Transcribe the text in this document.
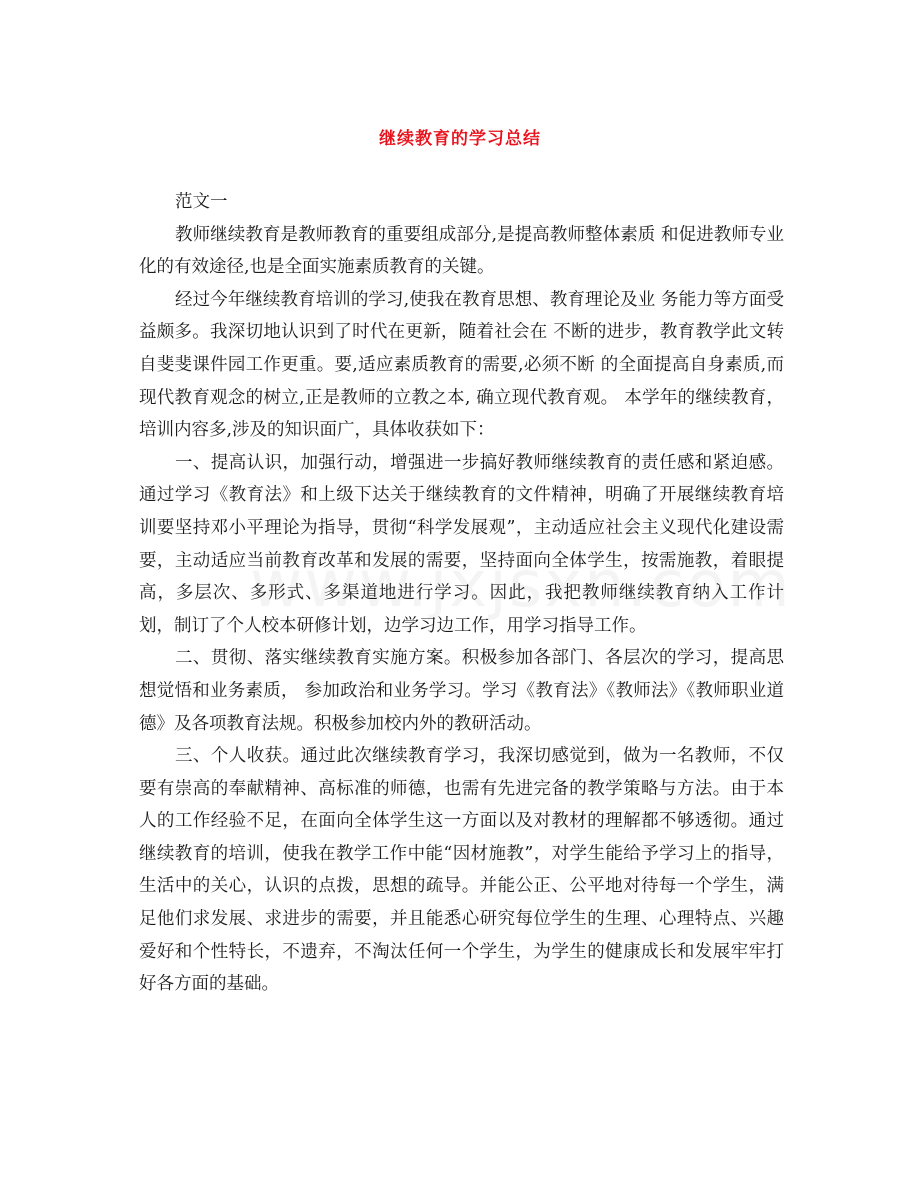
继续教育的学习总结

范文一

教师继续教育是教师教育的重要组成部分,是提高教师整体素质 和促进教师专业化的有效途径,也是全面实施素质教育的关键。

经过今年继续教育培训的学习,使我在教育思想、教育理论及业 务能力等方面受益颇多。我深切地认识到了时代在更新，随着社会在 不断的进步，教育教学此文转自斐斐课件园工作更重。要,适应素质教育的需要,必须不断 的全面提高自身素质,而现代教育观念的树立,正是教师的立教之本, 确立现代教育观。 本学年的继续教育，培训内容多,涉及的知识面广，具体收获如下：

一、提高认识，加强行动，增强进一步搞好教师继续教育的责任感和紧迫感。通过学习《教育法》和上级下达关于继续教育的文件精神，明确了开展继续教育培训要坚持邓小平理论为指导，贯彻“科学发展观”，主动适应社会主义现代化建设需要，主动适应当前教育改革和发展的需要，坚持面向全体学生，按需施教，着眼提高，多层次、多形式、多渠道地进行学习。因此，我把教师继续教育纳入工作计划，制订了个人校本研修计划，边学习边工作，用学习指导工作。

二、贯彻、落实继续教育实施方案。积极参加各部门、各层次的学习，提高思想觉悟和业务素质， 参加政治和业务学习。学习《教育法》《教师法》《教师职业道德》及各项教育法规。积极参加校内外的教研活动。

三、个人收获。通过此次继续教育学习，我深切感觉到，做为一名教师，不仅要有崇高的奉献精神、高标准的师德，也需有先进完备的教学策略与方法。由于本人的工作经验不足，在面向全体学生这一方面以及对教材的理解都不够透彻。通过继续教育的培训，使我在教学工作中能“因材施教”，对学生能给予学习上的指导，生活中的关心，认识的点拨，思想的疏导。并能公正、公平地对待每一个学生，满足他们求发展、求进步的需要，并且能悉心研究每位学生的生理、心理特点、兴趣爱好和个性特长，不遗弃，不淘汰任何一个学生，为学生的健康成长和发展牢牢打好各方面的基础。
